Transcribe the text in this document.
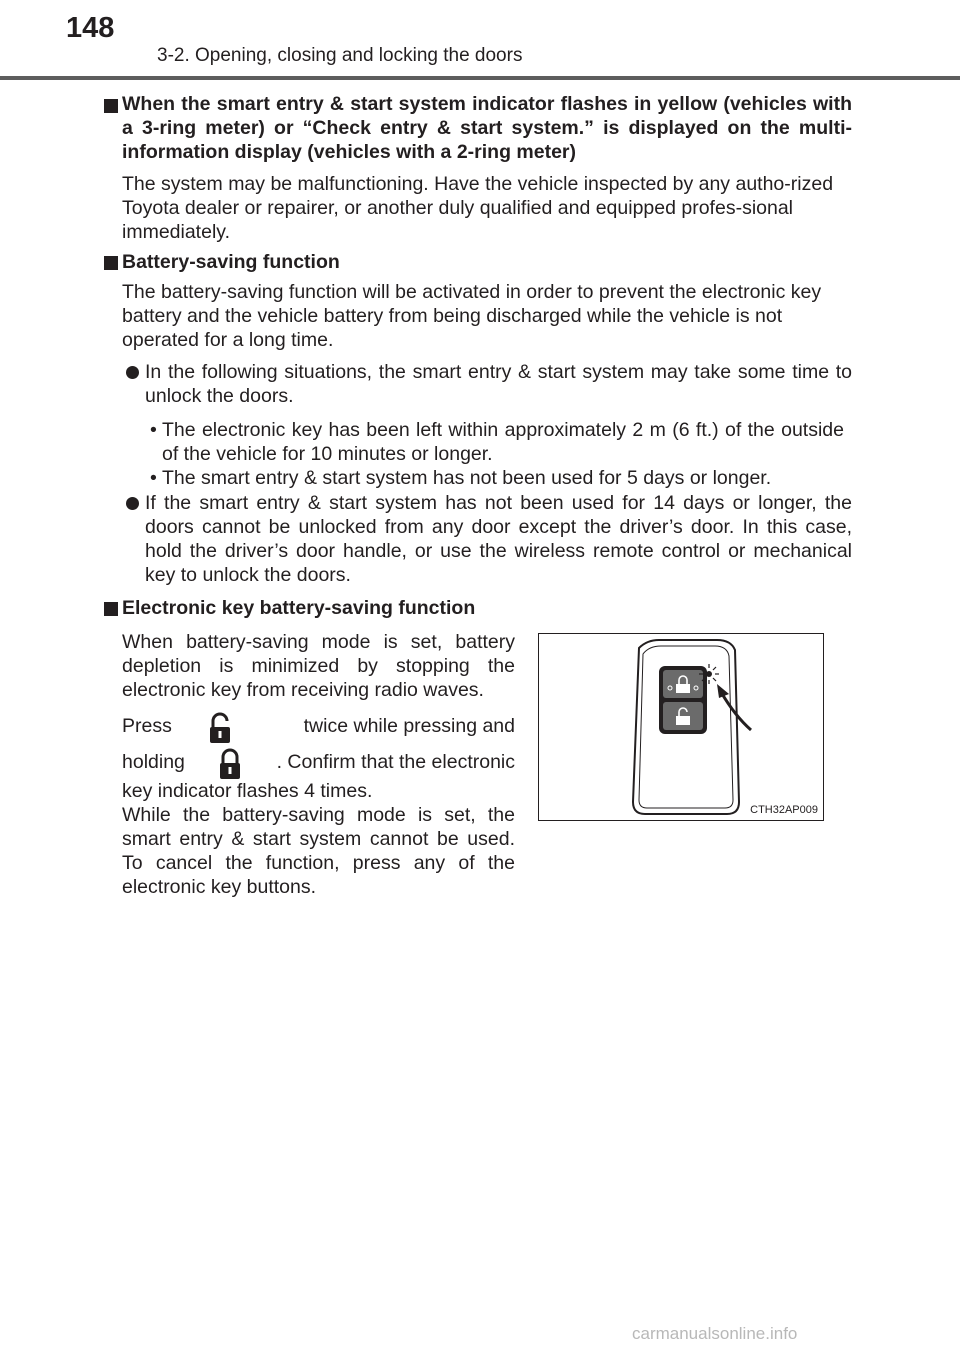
148
3-2. Opening, closing and locking the doors
When the smart entry & start system indicator flashes in yellow (vehicles with a 3-ring meter) or “Check entry & start system.” is displayed on the multi-information display (vehicles with a 2-ring meter)
The system may be malfunctioning. Have the vehicle inspected by any autho-rized Toyota dealer or repairer, or another duly qualified and equipped profes-sional immediately.
Battery-saving function
The battery-saving function will be activated in order to prevent the electronic key battery and the vehicle battery from being discharged while the vehicle is not operated for a long time.
In the following situations, the smart entry & start system may take some time to unlock the doors.
• The electronic key has been left within approximately 2 m (6 ft.) of the outside of the vehicle for 10 minutes or longer.
• The smart entry & start system has not been used for 5 days or longer.
If the smart entry & start system has not been used for 14 days or longer, the doors cannot be unlocked from any door except the driver’s door. In this case, hold the driver’s door handle, or use the wireless remote control or mechanical key to unlock the doors.
Electronic key battery-saving function
When battery-saving mode is set, battery depletion is minimized by stopping the electronic key from receiving radio waves.
Press	twice while pressing and
holding	. Confirm that the electronic
key indicator flashes 4 times.
While the battery-saving mode is set, the smart entry & start system cannot be used. To cancel the function, press any of the electronic key buttons.
CTH32AP009
carmanualsonline.info
